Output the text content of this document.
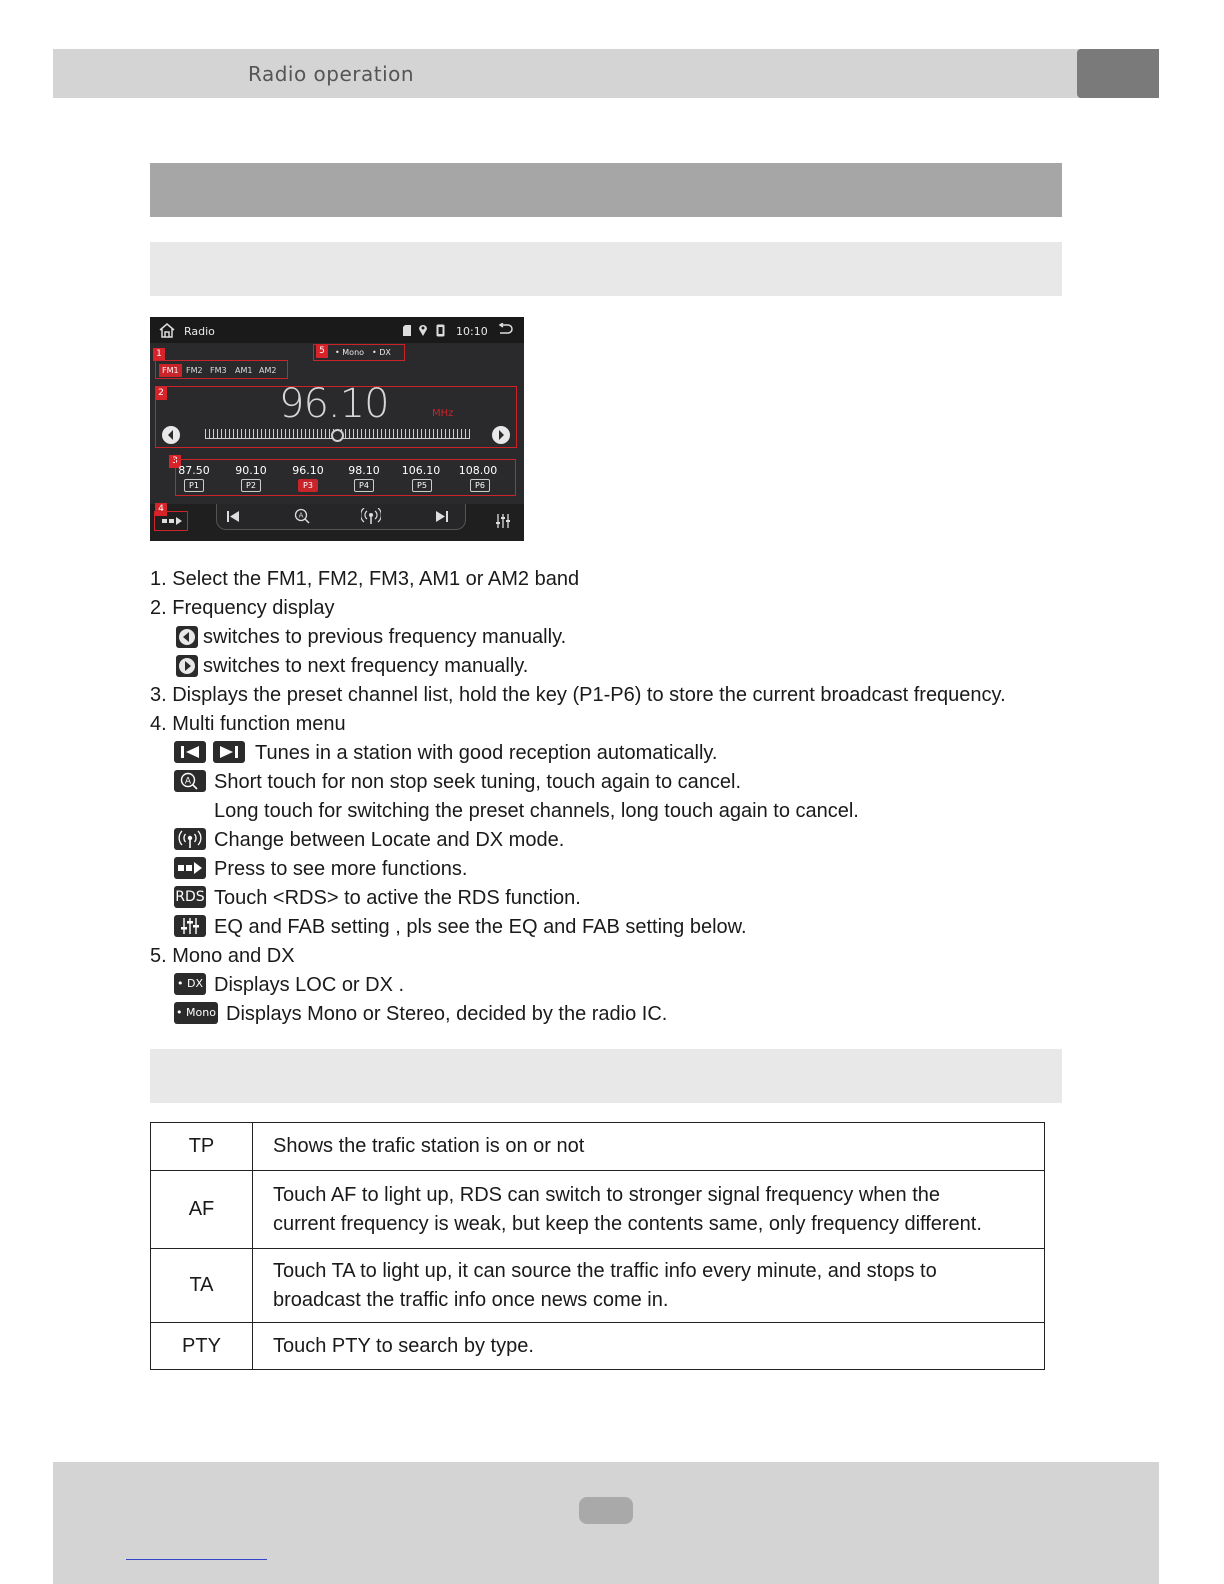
Radio operation
Radio	10:10
5	• Mono • DX
1
FM1 FM2 FM3	AM1 AM2
2	96.10	MHz
3
87.50	90.10	96.10	98.10	106.10	108.00
P1	P2	P3	P4	P5	P6
4
A
1. Select the FM1, FM2, FM3, AM1 or AM2 band
2. Frequency display
switches to previous frequency manually.
switches to next frequency manually.
3. Displays the preset channel list, hold the key (P1-P6) to store the current broadcast frequency.
4. Multi function menu
Tunes in a station with good reception automatically.
A Short touch for non stop seek tuning, touch again to cancel.
Long touch for switching the preset channels, long touch again to cancel.
Change between Locate and DX mode.
Press to see more functions.
RDS Touch <RDS> to active the RDS function.
EQ and FAB setting , pls see the EQ and FAB setting below.
5. Mono and DX
• DX Displays LOC or DX .
• Mono Displays Mono or Stereo, decided by the radio IC.
TP	Shows the trafic station is on or not
AF	Touch AF to light up, RDS can switch to stronger signal frequency when the
current frequency is weak, but keep the contents same, only frequency different.
TA	Touch TA to light up, it can source the traffic info every minute, and stops to
broadcast the traffic info once news come in.
PTY	Touch PTY to search by type.
